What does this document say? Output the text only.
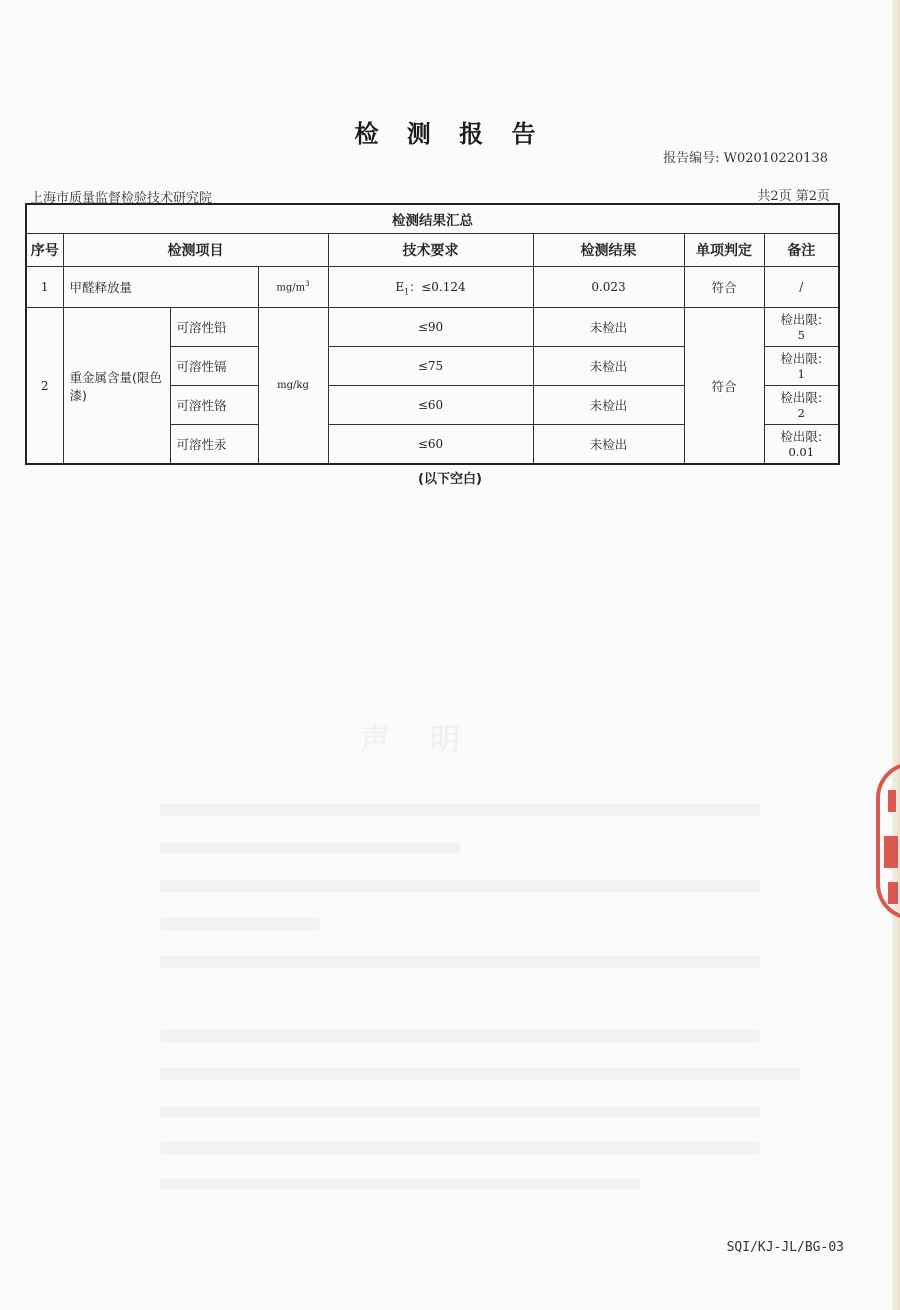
检 测 报 告
报告编号: W02010220138
上海市质量监督检验技术研究院	共2页 第2页
检测结果汇总							
序号	检测项目			技术要求	检测结果	单项判定	备注
1	甲醛释放量		$mg/m^3$	$E_1$：≤0.124	0.023	符合	/
2	重金属含量(限色漆)	可溶性铅	mg/kg	≤90	未检出	符合	检出限:
5
		可溶性镉		≤75	未检出		检出限:
1
		可溶性铬		≤60	未检出		检出限:
2
		可溶性汞		≤60	未检出		检出限:
0.01
(以下空白)
SQI/KJ-JL/BG-03
